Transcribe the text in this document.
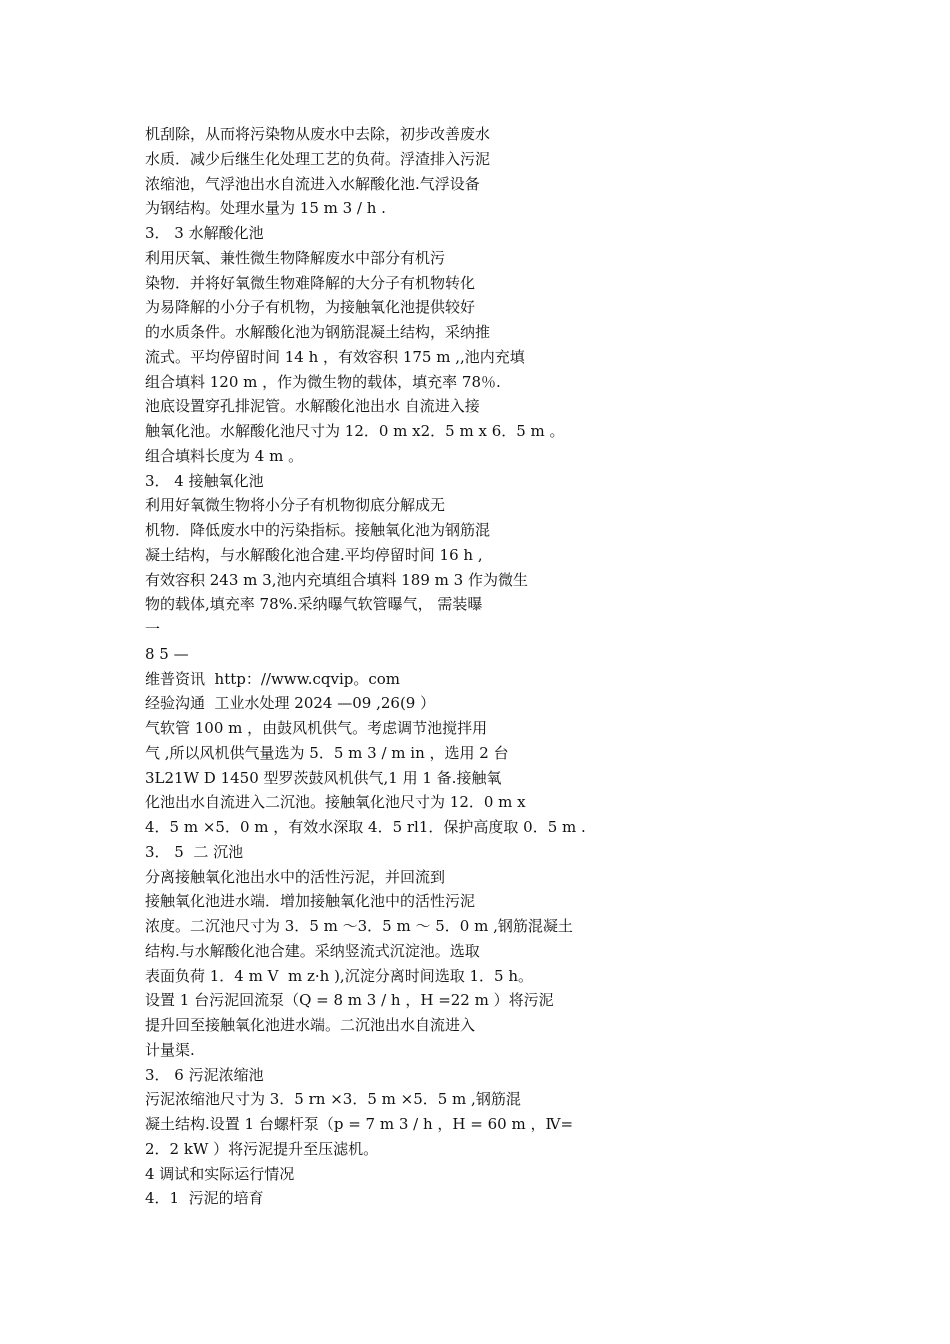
机刮除，从而将污染物从废水中去除，初步改善废水

水质．减少后继生化处理工艺的负荷。浮渣排入污泥

浓缩池，气浮池出水自流进入水解酸化池.气浮设备

为钢结构。处理水量为 15 m 3 / h .

3． 3 水解酸化池

利用厌氧、兼性微生物降解废水中部分有机污

染物．并将好氧微生物难降解的大分子有机物转化

为易降解的小分子有机物，为接触氧化池提供较好

的水质条件。水解酸化池为钢筋混凝土结构，采纳推

流式。平均停留时间 14 h ，有效容积 175 m ,,池内充填

组合填料 120 m ，作为微生物的载体，填充率 78％.

池底设置穿孔排泥管。水解酸化池出水 自流进入接

触氧化池。水解酸化池尺寸为 12．0 m x2．5 m x 6．5 m 。

组合填料长度为 4 m 。

3． 4 接触氧化池

利用好氧微生物将小分子有机物彻底分解成无

机物．降低废水中的污染指标。接触氧化池为钢筋混

凝土结构，与水解酸化池合建.平均停留时间 16 h ,

有效容积 243 m 3,池内充填组合填料 189 m 3 作为微生

物的载体,填充率 78%.采纳曝气软管曝气， 需装曝

一

8 5 —

维普资讯  http：//www.cqvip。com

经验沟通  工业水处理 2024 —09 ,26(9 ）

气软管 100 m ，由鼓风机供气。考虑调节池搅拌用

气 ,所以风机供气量选为 5．5 m 3 / m in ，选用 2 台

3L21W D 1450 型罗茨鼓风机供气,1 用 1 备.接触氧

化池出水自流进入二沉池。接触氧化池尺寸为 12．0 m x

4．5 m ×5．0 m ，有效水深取 4．5 rl1．保护高度取 0．5 m .

3． 5  二 沉池

分离接触氧化池出水中的活性污泥，并回流到

接触氧化池进水端．增加接触氧化池中的活性污泥

浓度。二沉池尺寸为 3．5 m 〜3．5 m 〜 5．0 m ,钢筋混凝土

结构.与水解酸化池合建。采纳竖流式沉淀池。选取

表面负荷 1．4 m V  m z·h ),沉淀分离时间选取 1．5 h。

设置 1 台污泥回流泵（Q = 8 m 3 / h ，H =22 m ）将污泥

提升回至接触氧化池进水端。二沉池出水自流进入

计量渠.

3． 6 污泥浓缩池

污泥浓缩池尺寸为 3．5 rn ×3．5 m ×5．5 m ,钢筋混

凝土结构.设置 1 台螺杆泵（p = 7 m 3 / h ，H = 60 m ，Ⅳ=

2．2 kW ）将污泥提升至压滤机。

4 调试和实际运行情况

4．1  污泥的培育
